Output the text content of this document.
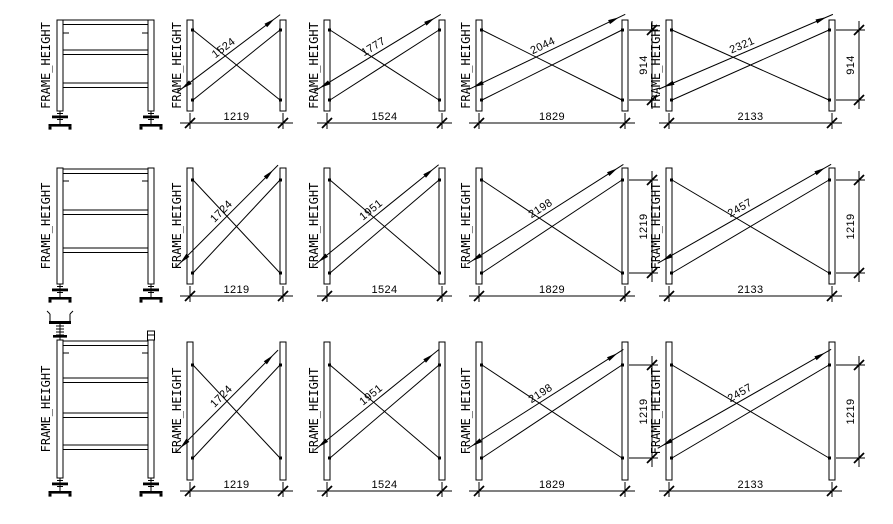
FRAME_HEIGHT	1524
1219
FRAME_HEIGHT	1777
1524
FRAME_HEIGHT	2044
1829
914
FRAME_HEIGHT	2321
2133
914
FRAME_HEIGHT
FRAME_HEIGHT	1724
1219
FRAME_HEIGHT	1951
1524
FRAME_HEIGHT	2198
1829
1219
FRAME_HEIGHT	2457
2133
1219
FRAME_HEIGHT
FRAME_HEIGHT	1724
1219
FRAME_HEIGHT	1951
1524
FRAME_HEIGHT	2198
1829
1219
FRAME_HEIGHT	2457
2133
1219
FRAME_HEIGHT
